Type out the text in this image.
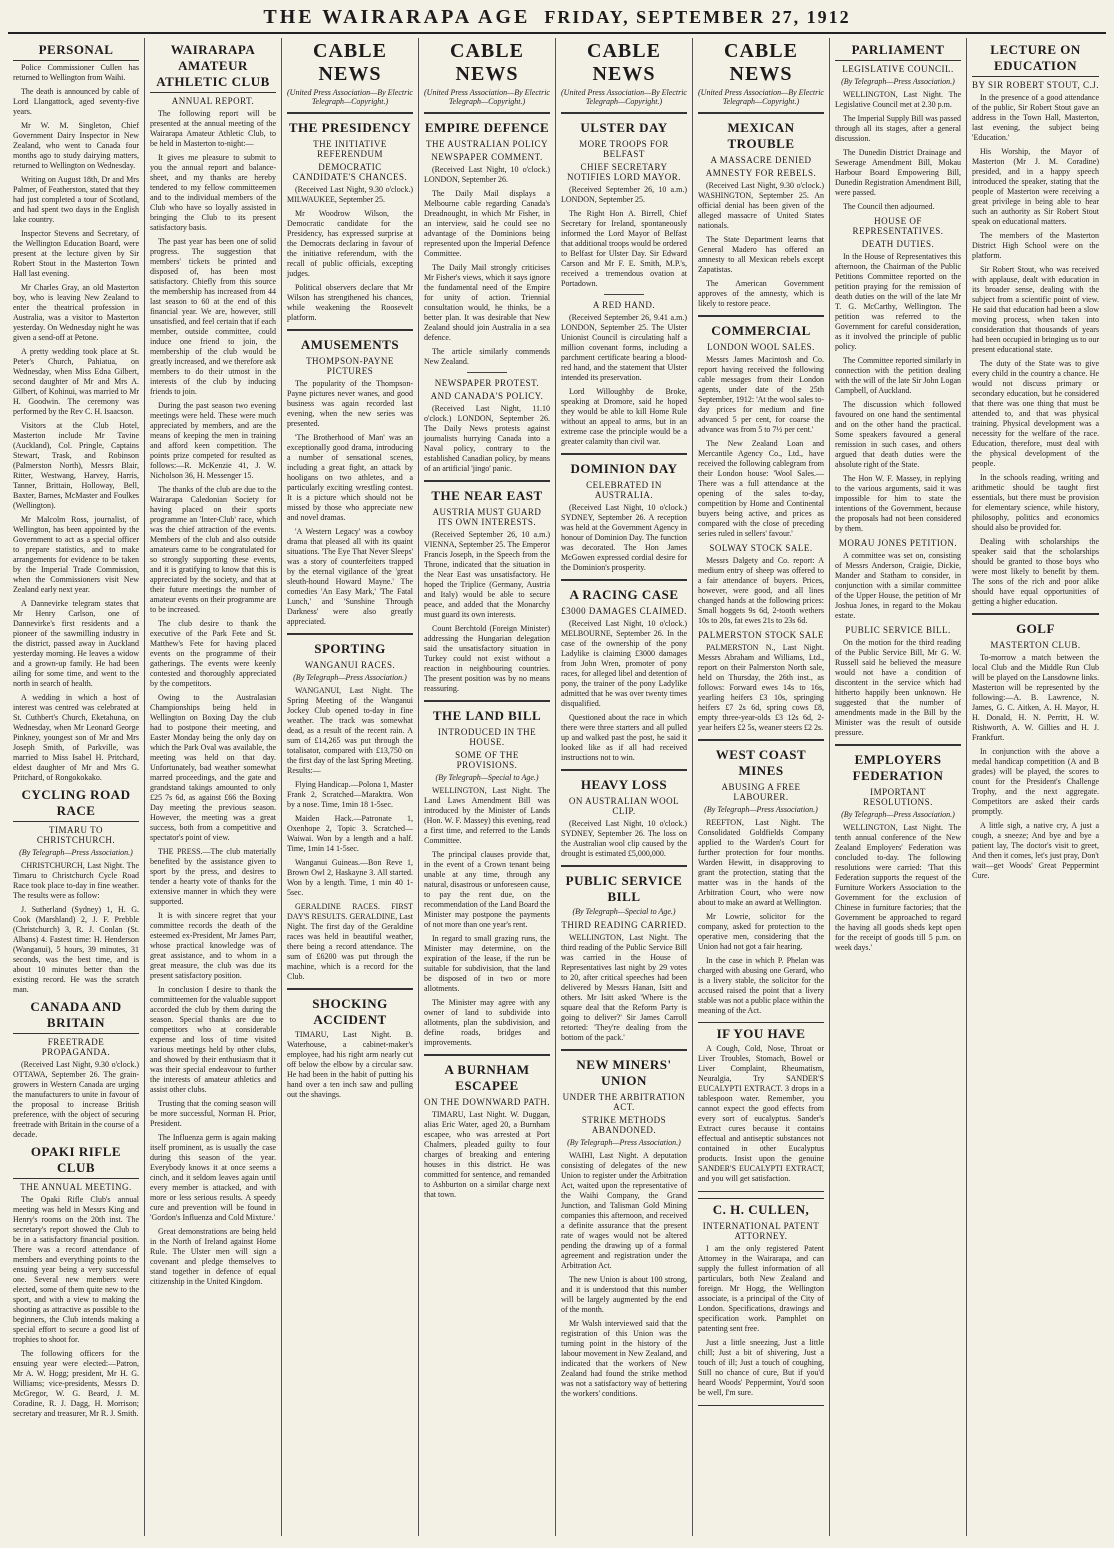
THE WAIRARAPA AGE FRIDAY, SEPTEMBER 27, 1912
PERSONAL

Police Commissioner Cullen has returned to Wellington from Waihi.

The death is announced by cable of Lord Llangattock, aged seventy-five years.

Mr W. M. Singleton, Chief Government Dairy Inspector in New Zealand, who went to Canada four months ago to study dairying matters, returned to Wellington on Wednesday.

Writing on August 18th, Dr and Mrs Palmer, of Featherston, stated that they had just completed a tour of Scotland, and had spent two days in the English lake country.

Inspector Stevens and Secretary, of the Wellington Education Board, were present at the lecture given by Sir Robert Stout in the Masterton Town Hall last evening.

Mr Charles Gray, an old Masterton boy, who is leaving New Zealand to enter the theatrical profession in Australia, was a visitor to Masterton yesterday. On Wednesday night he was given a send-off at Petone.

A pretty wedding took place at St. Peter's Church, Pahiatua, on Wednesday, when Miss Edna Gilbert, second daughter of Mr and Mrs A. Gilbert, of Kohinui, was married to Mr H. Goodwin. The ceremony was performed by the Rev C. H. Isaacson.

Visitors at the Club Hotel, Masterton include Mr Tavine (Auckland), Col. Pringle, Captains Stewart, Trask, and Robinson (Palmerston North), Messrs Blair, Ritter, Westwang, Harvey, Harris, Tanner, Brittain, Holloway, Bell, Baxter, Barnes, McMaster and Foulkes (Wellington).

Mr Malcolm Ross, journalist, of Wellington, has been appointed by the Government to act as a special officer to prepare statistics, and to make arrangements for evidence to be taken by the Imperial Trade Commission, when the Commissioners visit New Zealand early next year.

A Dannevirke telegram states that Mr Henry Carlson, one of Dannevirke's first residents and a pioneer of the sawmilling industry in the district, passed away in Auckland yesterday morning. He leaves a widow and a grown-up family. He had been ailing for some time, and went to the north in search of health.

A wedding in which a host of interest was centred was celebrated at St. Cuthbert's Church, Eketahuna, on Wednesday, when Mr Leonard George Pinkney, youngest son of Mr and Mrs Joseph Smith, of Parkville, was married to Miss Isabel H. Pritchard, eldest daughter of Mr and Mrs G. Pritchard, of Rongokokako.

CYCLING ROAD RACE
TIMARU TO CHRISTCHURCH.
(By Telegraph—Press Association.)

CHRISTCHURCH, Last Night. The Timaru to Christchurch Cycle Road Race took place to-day in fine weather. The results were as follow:

J. Sutherland (Sydney) 1, H. G. Cook (Marshland) 2, J. F. Prebble (Christchurch) 3, R. J. Conlan (St. Albans) 4. Fastest time: H. Henderson (Wanganui), 5 hours, 39 minutes, 31 seconds, was the best time, and is about 10 minutes better than the existing record. He was the scratch man.

CANADA AND BRITAIN
FREETRADE PROPAGANDA.

(Received Last Night, 9.30 o'clock.) OTTAWA, September 26. The grain-growers in Western Canada are urging the manufacturers to unite in favour of the proposal to increase British preference, with the object of securing freetrade with Britain in the course of a decade.

OPAKI RIFLE CLUB
THE ANNUAL MEETING.

The Opaki Rifle Club's annual meeting was held in Messrs King and Henry's rooms on the 20th inst. The secretary's report showed the Club to be in a satisfactory financial position. There was a record attendance of members and everything points to the ensuing year being a very successful one. Several new members were elected, some of them quite new to the sport, and with a view to making the shooting as attractive as possible to the beginners, the Club intends making a special effort to secure a good list of trophies to shoot for.

The following officers for the ensuing year were elected:—Patron, Mr A. W. Hogg; president, Mr H. G. Williams; vice-presidents, Messrs D. McGregor, W. G. Beard, J. M. Coradine, R. J. Dagg, H. Morrison; secretary and treasurer, Mr R. J. Smith.

WAIRARAPA AMATEUR ATHLETIC CLUB
ANNUAL REPORT.

The following report will be presented at the annual meeting of the Wairarapa Amateur Athletic Club, to be held in Masterton to-night:—

It gives me pleasure to submit to you the annual report and balance-sheet, and my thanks are hereby tendered to my fellow committeemen and to the individual members of the Club who have so loyally assisted in bringing the Club to its present satisfactory basis.

The past year has been one of solid progress. The suggestion that members' tickets be printed and disposed of, has been most satisfactory. Chiefly from this source the membership has increased from 44 last season to 60 at the end of this financial year. We are, however, still unsatisfied, and feel certain that if each member, outside committee, could induce one friend to join, the membership of the club would be greatly increased, and we therefore ask members to do their utmost in the interests of the club by inducing friends to join.

During the past season two evening meetings were held. These were much appreciated by members, and are the means of keeping the men in training and afford keen competition. The points prize competed for resulted as follows:—R. McKenzie 41, J. W. Nicholson 36, H. Messenger 15.

The thanks of the club are due to the Wairarapa Caledonian Society for having placed on their sports programme an 'Inter-Club' race, which was the chief attraction of the events. Members of the club and also outside amateurs came to be congratulated for so strongly supporting these events, and it is gratifying to know that this is appreciated by the society, and that at their future meetings the number of amateur events on their programme are to be increased.

The club desire to thank the executive of the Park Fete and St. Matthew's Fete for having placed events on the programme of their gatherings. The events were keenly contested and thoroughly appreciated by the competitors.

Owing to the Australasian Championships being held in Wellington on Boxing Day the club had to postpone their meeting, and Easter Monday being the only day on which the Park Oval was available, the meeting was held on that day. Unfortunately, bad weather somewhat marred proceedings, and the gate and grandstand takings amounted to only £25 7s 6d, as against £66 the Boxing Day meeting the previous season. However, the meeting was a great success, both from a competitive and spectator's point of view.

THE PRESS.—The club materially benefited by the assistance given to sport by the press, and desires to tender a hearty vote of thanks for the extensive manner in which they were supported.

It is with sincere regret that your committee records the death of the esteemed ex-President, Mr James Parr, whose practical knowledge was of great assistance, and to whom in a great measure, the club was due its present satisfactory position.

In conclusion I desire to thank the committeemen for the valuable support accorded the club by them during the season. Special thanks are due to competitors who at considerable expense and loss of time visited various meetings held by other clubs, and showed by their enthusiasm that it was their special endeavour to further the interests of amateur athletics and assist other clubs.

Trusting that the coming season will be more successful, Norman H. Prior, President.

The Influenza germ is again making itself prominent, as is usually the case during this season of the year. Everybody knows it at once seems a cinch, and it seldom leaves again until every member is attacked, and with more or less serious results. A speedy cure and prevention will be found in 'Gordon's Influenza and Cold Mixture.'

Great demonstrations are being held in the North of Ireland against Home Rule. The Ulster men will sign a covenant and pledge themselves to stand together in defence of equal citizenship in the United Kingdom.

CABLE NEWS
(United Press Association—By Electric Telegraph—Copyright.)
THE PRESIDENCY
THE INITIATIVE REFERENDUM
DEMOCRATIC CANDIDATE'S CHANCES.

(Received Last Night, 9.30 o'clock.) MILWAUKEE, September 25.

Mr Woodrow Wilson, the Democratic candidate for the Presidency, has expressed surprise at the Democrats declaring in favour of the initiative referendum, with the recall of public officials, excepting judges.

Political observers declare that Mr Wilson has strengthened his chances, while weakening the Roosevelt platform.

AMUSEMENTS
THOMPSON-PAYNE PICTURES

The popularity of the Thompson-Payne pictures never wanes, and good business was again recorded last evening, when the new series was presented.

'The Brotherhood of Man' was an exceptionally good drama, introducing a number of sensational scenes, including a great fight, an attack by hooligans on two athletes, and a particularly exciting wrestling contest. It is a picture which should not be missed by those who appreciate new and novel dramas.

'A Western Legacy' was a cowboy drama that pleased all with its quaint situations. 'The Eye That Never Sleeps' was a story of counterfeiters trapped by the eternal vigilance of the 'great sleuth-hound Howard Mayne.' The comedies 'An Easy Mark,' 'The Fatal Lunch,' and 'Sunshine Through Darkness' were also greatly appreciated.

SPORTING
WANGANUI RACES.
(By Telegraph—Press Association.)

WANGANUI, Last Night. The Spring Meeting of the Wanganui Jockey Club opened to-day in fine weather. The track was somewhat dead, as a result of the recent rain. A sum of £14,265 was put through the totalisator, compared with £13,750 on the first day of the last Spring Meeting. Results:—

Flying Handicap.—Polona 1, Master Frank 2, Scratched—Maraktra. Won by a nose. Time, 1min 18 1-5sec.

Maiden Hack.—Patronate 1, Oxenhope 2, Topic 3. Scratched—Waiwai. Won by a length and a half. Time, 1min 14 1-5sec.

Wanganui Guineas.—Bon Reve 1, Brown Owl 2, Haskayne 3. All started. Won by a length. Time, 1 min 40 1-5sec.

GERALDINE RACES. FIRST DAY'S RESULTS. GERALDINE, Last Night. The first day of the Geraldine races was held in beautiful weather, there being a record attendance. The sum of £6200 was put through the machine, which is a record for the Club.

SHOCKING ACCIDENT

TIMARU, Last Night. B. Waterhouse, a cabinet-maker's employee, had his right arm nearly cut off below the elbow by a circular saw. He had been in the habit of putting his hand over a ten inch saw and pulling out the shavings.

CABLE NEWS
(United Press Association—By Electric Telegraph—Copyright.)
EMPIRE DEFENCE
THE AUSTRALIAN POLICY
NEWSPAPER COMMENT.

(Received Last Night, 10 o'clock.) LONDON, September 26.

The Daily Mail displays a Melbourne cable regarding Canada's Dreadnought, in which Mr Fisher, in an interview, said he could see no advantage of the Dominions being represented upon the Imperial Defence Committee.

The Daily Mail strongly criticises Mr Fisher's views, which it says ignore the fundamental need of the Empire for unity of action. Triennial consultation would, he thinks, be a better plan. It was desirable that New Zealand should join Australia in a sea defence.

The article similarly commends New Zealand.

NEWSPAPER PROTEST.
AND CANADA'S POLICY.

(Received Last Night, 11.10 o'clock.) LONDON, September 26. The Daily News protests against journalists hurrying Canada into a Naval policy, contrary to the established Canadian policy, by means of an artificial 'jingo' panic.

THE NEAR EAST
AUSTRIA MUST GUARD ITS OWN INTERESTS.

(Received September 26, 10 a.m.) VIENNA, September 25. The Emperor Francis Joseph, in the Speech from the Throne, indicated that the situation in the Near East was unsatisfactory. He hoped the Triplice (Germany, Austria and Italy) would be able to secure peace, and added that the Monarchy must guard its own interests.

Count Berchtold (Foreign Minister) addressing the Hungarian delegation said the unsatisfactory situation in Turkey could not exist without a reaction in neighbouring countries. The present position was by no means reassuring.

THE LAND BILL
INTRODUCED IN THE HOUSE.
SOME OF THE PROVISIONS.
(By Telegraph—Special to Age.)

WELLINGTON, Last Night. The Land Laws Amendment Bill was introduced by the Minister of Lands (Hon. W. F. Massey) this evening, read a first time, and referred to the Lands Committee.

The principal clauses provide that, in the event of a Crown tenant being unable at any time, through any natural, disastrous or unforeseen cause, to pay the rent due, on the recommendation of the Land Board the Minister may postpone the payments of not more than one year's rent.

In regard to small grazing runs, the Minister may determine, on the expiration of the lease, if the run be suitable for subdivision, that the land be disposed of in two or more allotments.

The Minister may agree with any owner of land to subdivide into allotments, plan the subdivision, and define roads, bridges and improvements.

A BURNHAM ESCAPEE
ON THE DOWNWARD PATH.

TIMARU, Last Night. W. Duggan, alias Eric Water, aged 20, a Burnham escapee, who was arrested at Port Chalmers, pleaded guilty to four charges of breaking and entering houses in this district. He was committed for sentence, and remanded to Ashburton on a similar charge next that town.

CABLE NEWS
(United Press Association—By Electric Telegraph—Copyright.)
ULSTER DAY
MORE TROOPS FOR BELFAST
CHIEF SECRETARY NOTIFIES LORD MAYOR.

(Received September 26, 10 a.m.) LONDON, September 25.

The Right Hon A. Birrell, Chief Secretary for Ireland, spontaneously informed the Lord Mayor of Belfast that additional troops would be ordered to Belfast for Ulster Day. Sir Edward Carson and Mr F. E. Smith, M.P.'s, received a tremendous ovation at Portadown.

A RED HAND.

(Received September 26, 9.41 a.m.) LONDON, September 25. The Ulster Unionist Council is circulating half a million covenant forms, including a parchment certificate bearing a blood-red hand, and the statement that Ulster intended its preservation.

Lord Willoughby de Broke, speaking at Dromore, said he hoped they would be able to kill Home Rule without an appeal to arms, but in an extreme case the principle would be a greater calamity than civil war.

DOMINION DAY
CELEBRATED IN AUSTRALIA.

(Received Last Night, 10 o'clock.) SYDNEY, September 26. A reception was held at the Government Agency in honour of Dominion Day. The function was decorated. The Hon James McGowen expressed cordial desire for the Dominion's prosperity.

A RACING CASE
£3000 DAMAGES CLAIMED.

(Received Last Night, 10 o'clock.) MELBOURNE, September 26. In the case of the ownership of the pony Ladylike is claiming £3000 damages from John Wren, promoter of pony races, for alleged libel and detention of pony, the trainer of the pony Ladylike admitted that he was over twenty times disqualified.

Questioned about the race in which there were three starters and all pulled up and walked past the post, he said it looked like as if all had received instructions not to win.

HEAVY LOSS
ON AUSTRALIAN WOOL CLIP.

(Received Last Night, 10 o'clock.) SYDNEY, September 26. The loss on the Australian wool clip caused by the drought is estimated £5,000,000.

PUBLIC SERVICE BILL
(By Telegraph—Special to Age.)
THIRD READING CARRIED.

WELLINGTON, Last Night. The third reading of the Public Service Bill was carried in the House of Representatives last night by 29 votes to 20, after critical speeches had been delivered by Messrs Hanan, Isitt and others. Mr Isitt asked 'Where is the square deal that the Reform Party is going to deliver?' Sir James Carroll retorted: 'They're dealing from the bottom of the pack.'

NEW MINERS' UNION
UNDER THE ARBITRATION ACT.
STRIKE METHODS ABANDONED.
(By Telegraph—Press Association.)

WAIHI, Last Night. A deputation consisting of delegates of the new Union to register under the Arbitration Act, waited upon the representative of the Waihi Company, the Grand Junction, and Talisman Gold Mining companies this afternoon, and received a definite assurance that the present rate of wages would not be altered pending the drawing up of a formal agreement and registration under the Arbitration Act.

The new Union is about 100 strong, and it is understood that this number will be largely augmented by the end of the month.

Mr Walsh interviewed said that the registration of this Union was the turning point in the history of the labour movement in New Zealand, and indicated that the workers of New Zealand had found the strike method was not a satisfactory way of bettering the workers' conditions.

CABLE NEWS
(United Press Association—By Electric Telegraph—Copyright.)
MEXICAN TROUBLE
A MASSACRE DENIED
AMNESTY FOR REBELS.

(Received Last Night, 9.30 o'clock.) WASHINGTON, September 25. An official denial has been given of the alleged massacre of United States nationals.

The State Department learns that General Madero has offered an amnesty to all Mexican rebels except Zapatistas.

The American Government approves of the amnesty, which is likely to restore peace.

COMMERCIAL
LONDON WOOL SALES.

Messrs James Macintosh and Co. report having received the following cable messages from their London agents, under date of the 25th September, 1912: 'At the wool sales to-day prices for medium and fine advanced 5 per cent, for coarse the advance was from 5 to 7½ per cent.'

The New Zealand Loan and Mercantile Agency Co., Ltd., have received the following cablegram from their London house: 'Wool Sales.—There was a full attendance at the opening of the sales to-day, competition by Home and Continental buyers being active, and prices as compared with the close of preceding series ruled in sellers' favour.'

SOLWAY STOCK SALE.

Messrs Dalgety and Co. report: A medium entry of sheep was offered to a fair attendance of buyers. Prices, however, were good, and all lines changed hands at the following prices: Small hoggets 9s 6d, 2-tooth wethers 10s to 20s, fat ewes 21s to 23s 6d.

PALMERSTON STOCK SALE

PALMERSTON N., Last Night. Messrs Abraham and Williams, Ltd., report on their Palmerston North sale, held on Thursday, the 26th inst., as follows: Forward ewes 14s to 16s, yearling heifers £3 10s, springing heifers £7 2s 6d, spring cows £8, empty three-year-olds £3 12s 6d, 2-year heifers £2 5s, weaner steers £2 2s.

WEST COAST MINES
ABUSING A FREE LABOURER.
(By Telegraph—Press Association.)

REEFTON, Last Night. The Consolidated Goldfields Company applied to the Warden's Court for further protection for four months. Warden Hewitt, in disapproving to grant the protection, stating that the matter was in the hands of the Arbitration Court, who were now about to make an award at Wellington.

Mr Lowrie, solicitor for the company, asked for protection to the operative men, considering that the Union had not got a fair hearing.

In the case in which P. Phelan was charged with abusing one Gerard, who is a livery stable, the solicitor for the accused raised the point that a livery stable was not a public place within the meaning of the Act.

IF YOU HAVE

A Cough, Cold, Nose, Throat or Liver Troubles, Stomach, Bowel or Liver Complaint, Rheumatism, Neuralgia, Try SANDER'S EUCALYPTI EXTRACT. 3 drops in a tablespoon water. Remember, you cannot expect the good effects from every sort of eucalyptus. Sander's Extract cures because it contains effectual and antiseptic substances not contained in other Eucalyptus products. Insist upon the genuine SANDER'S EUCALYPTI EXTRACT, and you will get satisfaction.

C. H. CULLEN,
INTERNATIONAL PATENT ATTORNEY.

I am the only registered Patent Attorney in the Wairarapa, and can supply the fullest information of all particulars, both New Zealand and foreign. Mr Hogg, the Wellington associate, is a principal of the City of London. Specifications, drawings and specification work. Pamphlet on patenting sent free.

Just a little sneezing, Just a little chill; Just a bit of shivering, Just a touch of ill; Just a touch of coughing, Still no chance of cure, But if you'd heard Woods' Peppermint, You'd soon be well, I'm sure.

PARLIAMENT
LEGISLATIVE COUNCIL.
(By Telegraph—Press Association.)

WELLINGTON, Last Night. The Legislative Council met at 2.30 p.m.

The Imperial Supply Bill was passed through all its stages, after a general discussion.

The Dunedin District Drainage and Sewerage Amendment Bill, Mokau Harbour Board Empowering Bill, Dunedin Registration Amendment Bill, were passed.

The Council then adjourned.

HOUSE OF REPRESENTATIVES.
DEATH DUTIES.

In the House of Representatives this afternoon, the Chairman of the Public Petitions Committee reported on the petition praying for the remission of death duties on the will of the late Mr T. G. McCarthy, Wellington. The petition was referred to the Government for careful consideration, as it involved the principle of public policy.

The Committee reported similarly in connection with the petition dealing with the will of the late Sir John Logan Campbell, of Auckland.

The discussion which followed favoured on one hand the sentimental and on the other hand the practical. Some speakers favoured a general remission in such cases, and others argued that death duties were the absolute right of the State.

The Hon W. F. Massey, in replying to the various arguments, said it was impossible for him to state the intentions of the Government, because the proposals had not been considered by them.

MORAU JONES PETITION.

A committee was set on, consisting of Messrs Anderson, Craigie, Dickie, Mander and Statham to consider, in conjunction with a similar committee of the Upper House, the petition of Mr Joshua Jones, in regard to the Mokau estate.

PUBLIC SERVICE BILL.

On the motion for the third reading of the Public Service Bill, Mr G. W. Russell said he believed the measure would not have a condition of discontent in the service which had hitherto happily been unknown. He suggested that the number of amendments made in the Bill by the Minister was the result of outside pressure.

EMPLOYERS FEDERATION
IMPORTANT RESOLUTIONS.
(By Telegraph—Press Association.)

WELLINGTON, Last Night. The tenth annual conference of the New Zealand Employers' Federation was concluded to-day. The following resolutions were carried: 'That this Federation supports the request of the Furniture Workers Association to the Government for the exclusion of Chinese in furniture factories; that the Government be approached to regard the having all goods sheds kept open for the receipt of goods till 5 p.m. on week days.'

LECTURE ON EDUCATION
BY SIR ROBERT STOUT, C.J.

In the presence of a good attendance of the public, Sir Robert Stout gave an address in the Town Hall, Masterton, last evening, the subject being 'Education.'

His Worship, the Mayor of Masterton (Mr J. M. Coradine) presided, and in a happy speech introduced the speaker, stating that the people of Masterton were receiving a great privilege in being able to hear such an authority as Sir Robert Stout speak on educational matters.

The members of the Masterton District High School were on the platform.

Sir Robert Stout, who was received with applause, dealt with education in its broader sense, dealing with the subject from a scientific point of view. He said that education had been a slow moving process, when taken into consideration that thousands of years had been occupied in bringing us to our present educational state.

The duty of the State was to give every child in the country a chance. He would not discuss primary or secondary education, but he considered that there was one thing that must be attended to, and that was physical training. Physical development was a necessity for the welfare of the race. Education, therefore, must deal with the physical development of the people.

In the schools reading, writing and arithmetic should be taught first essentials, but there must be provision for elementary science, while history, philosophy, politics and economics should also be provided for.

Dealing with scholarships the speaker said that the scholarships should be granted to those boys who were most likely to benefit by them. The sons of the rich and poor alike should have equal opportunities of getting a higher education.

GOLF
MASTERTON CLUB.

To-morrow a match between the local Club and the Middle Run Club will be played on the Lansdowne links. Masterton will be represented by the following:—A. B. Lawrence, N. James, G. C. Aitken, A. H. Mayor, H. H. Donald, H. N. Perritt, H. W. Rishworth, A. W. Gillies and H. J. Frankfurt.

In conjunction with the above a medal handicap competition (A and B grades) will be played, the scores to count for the President's Challenge Trophy, and the next aggregate. Competitors are asked their cards promptly.

A little sigh, a native cry, A just a cough, a sneeze; And bye and bye a patient lay, The doctor's visit to greet, And then it comes, let's just pray, Don't wait—get Woods' Great Peppermint Cure.
